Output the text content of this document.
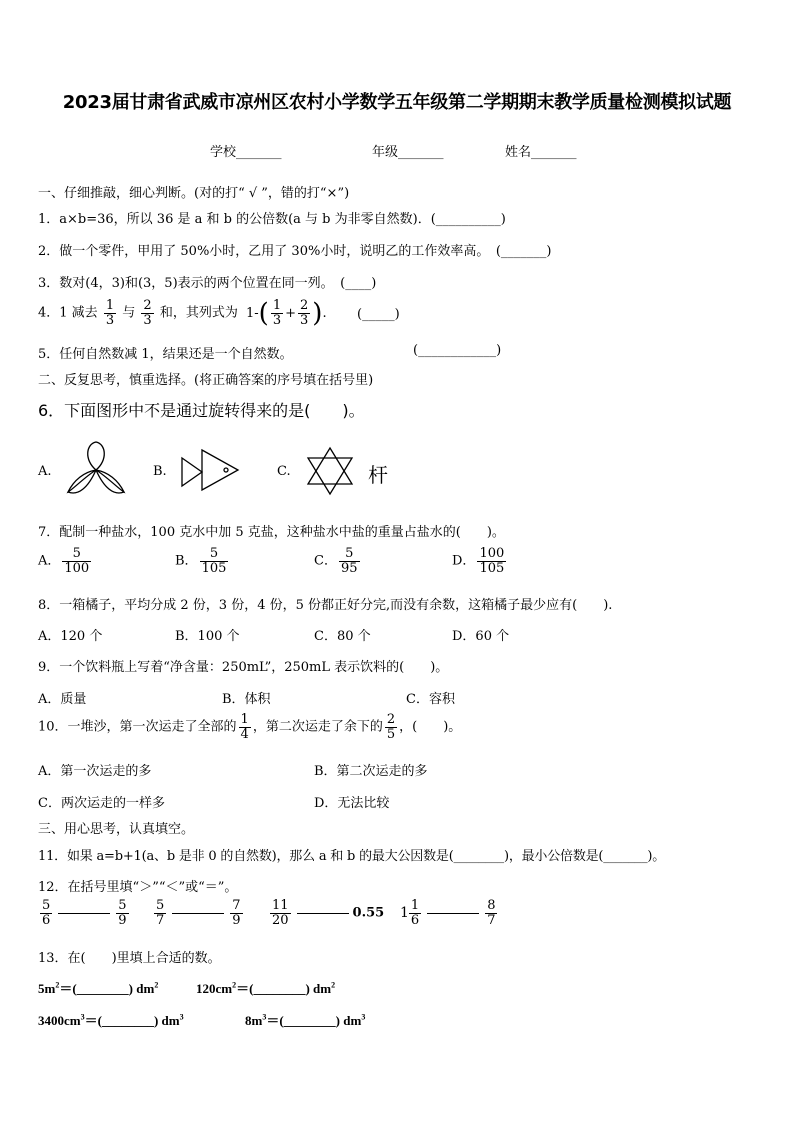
2023届甘肃省武威市凉州区农村小学数学五年级第二学期期末教学质量检测模拟试题
学校_______	年级_______	姓名_______
一、仔细推敲，细心判断。(对的打“ √ ”，错的打“×”)
1．a×b=36，所以 36 是 a 和 b 的公倍数(a 与 b 为非零自然数)．(__________)
2．做一个零件，甲用了 50%小时，乙用了 30%小时，说明乙的工作效率高。　(_______)
3．数对(4，3)和(3，5)表示的两个位置在同一列。　(____)
4．1 减去 $\frac{1}{3}$ 与 $\frac{2}{3}$ 和，其列式为 $1-( \frac{1}{3} + \frac{2}{3}$ ). (_____)
5．任何自然数减 1，结果还是一个自然数。	(____________)
二、反复思考，慎重选择。(将正确答案的序号填在括号里)
6．下面图形中不是通过旋转得来的是(　　)。
A.	B.	C.	杆
7．配制一种盐水，100 克水中加 5 克盐，这种盐水中盐的重量占盐水的(　　)。
A． $\frac{5}{100}$	B． $\frac{5}{105}$	C． $\frac{5}{95}$	D． $\frac{100}{105}$
8．一箱橘子，平均分成 2 份，3 份，4 份，5 份都正好分完,而没有余数，这箱橘子最少应有(　　).
A．120 个	B．100 个	C．80 个	D．60 个
9．一个饮料瓶上写着“净含量：250mL”，250mL 表示饮料的(　　)。
A．质量	B．体积	C．容积
10．一堆沙，第一次运走了全部的 $\frac{1}{4}$ ，第二次运走了余下的 $\frac{2}{5}$ ，(　　)。
A．第一次运走的多	B．第二次运走的多
C．两次运走的一样多	D．无法比较
三、用心思考，认真填空。
11．如果 a=b+1(a、b 是非 0 的自然数)，那么 a 和 b 的最大公因数是(________)，最小公倍数是(_______)。
12．在括号里填“＞”“＜”或“＝”。
$\frac{5}{6}$	$\frac{5}{9} \frac{5}{7}$	$\frac{7}{9} \frac{11}{20}$	0.55 $1 \frac{1}{6}$	$\frac{8}{7}$
13．在(　　)里填上合适的数。
$5m^2=(\_\_\_\_\_\_\_\_)$ $dm^2$	$120cm^2=(\_\_\_\_\_\_\_\_)$ $dm^2$
$3400cm^3=(\_\_\_\_\_\_\_\_)$ $dm^3$	$8m^3=(\_\_\_\_\_\_\_\_)$ $dm^3$
